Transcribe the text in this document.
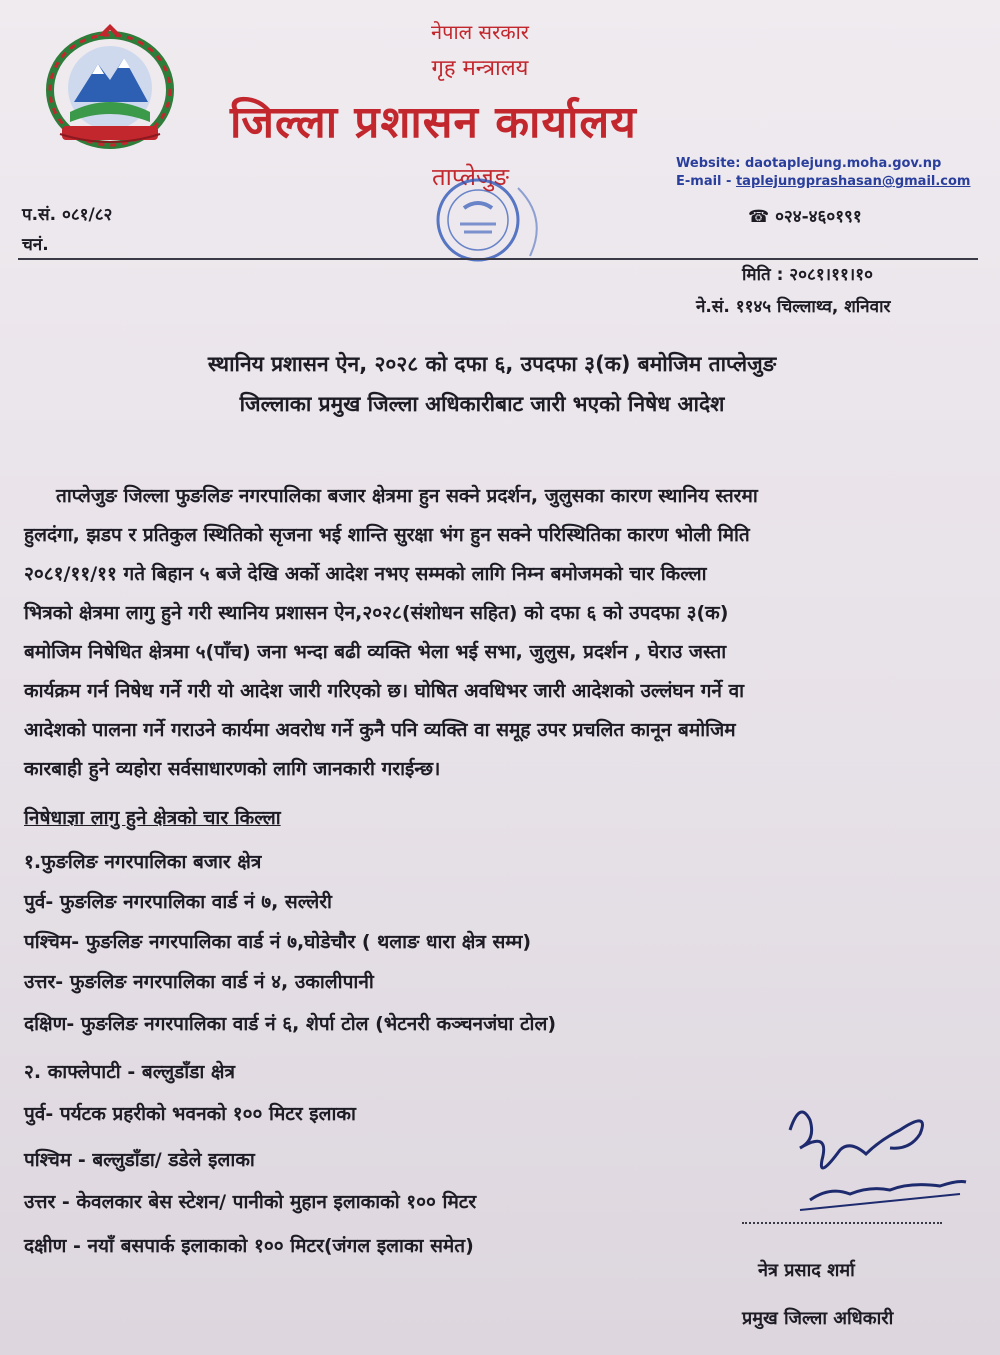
नेपाल सरकार
गृह मन्त्रालय
जिल्ला प्रशासन कार्यालय
ताप्लेजुङ	Website: daotaplejung.moha.gov.np
E-mail - taplejungprashasan@gmail.com
प.सं. ०८१/८२
चनं.
☎ ०२४-४६०१९१
मिति : २०८१।११।१०
ने.सं. ११४५ चिल्लाथ्व, शनिवार
स्थानिय प्रशासन ऐन, २०२८ को दफा ६, उपदफा ३(क) बमोजिम ताप्लेजुङ
जिल्लाका प्रमुख जिल्ला अधिकारीबाट जारी भएको निषेध आदेश
ताप्लेजुङ जिल्ला फुङलिङ नगरपालिका बजार क्षेत्रमा हुन सक्ने प्रदर्शन, जुलुसका कारण स्थानिय स्तरमा
हुलदंगा, झडप र प्रतिकुल स्थितिको सृजना भई शान्ति सुरक्षा भंग हुन सक्ने परिस्थितिका कारण भोली मिति
२०८१/११/११ गते बिहान ५ बजे देखि अर्को आदेश नभए सम्मको लागि निम्न बमोजमको चार किल्ला
भित्रको क्षेत्रमा लागु हुने गरी स्थानिय प्रशासन ऐन,२०२८(संशोधन सहित) को दफा ६ को उपदफा ३(क)
बमोजिम निषेधित क्षेत्रमा ५(पाँच) जना भन्दा बढी व्यक्ति भेला भई सभा, जुलुस, प्रदर्शन , घेराउ जस्ता
कार्यक्रम गर्न निषेध गर्ने गरी यो आदेश जारी गरिएको छ। घोषित अवधिभर जारी आदेशको उल्लंघन गर्ने वा
आदेशको पालना गर्ने गराउने कार्यमा अवरोध गर्ने कुनै पनि व्यक्ति वा समूह उपर प्रचलित कानून बमोजिम
कारबाही हुने व्यहोरा सर्वसाधारणको लागि जानकारी गराईन्छ।
निषेधाज्ञा लागु हुने क्षेत्रको चार किल्ला
१.फुङलिङ नगरपालिका बजार क्षेत्र
पुर्व- फुङलिङ नगरपालिका वार्ड नं ७, सल्लेरी
पश्चिम- फुङलिङ नगरपालिका वार्ड नं ७,घोडेचौर ( थलाङ धारा क्षेत्र सम्म)
उत्तर- फुङलिङ नगरपालिका वार्ड नं ४, उकालीपानी
दक्षिण- फुङलिङ नगरपालिका वार्ड नं ६, शेर्पा टोल (भेटनरी कञ्चनजंघा टोल)
२. काफ्लेपाटी - बल्लुडाँडा क्षेत्र
पुर्व- पर्यटक प्रहरीको भवनको १०० मिटर इलाका
पश्चिम - बल्लुडाँडा/ डडेले इलाका
उत्तर - केवलकार बेस स्टेशन/ पानीको मुहान इलाकाको १०० मिटर
दक्षीण - नयाँ बसपार्क इलाकाको १०० मिटर(जंगल इलाका समेत)
नेत्र प्रसाद शर्मा
प्रमुख जिल्ला अधिकारी
